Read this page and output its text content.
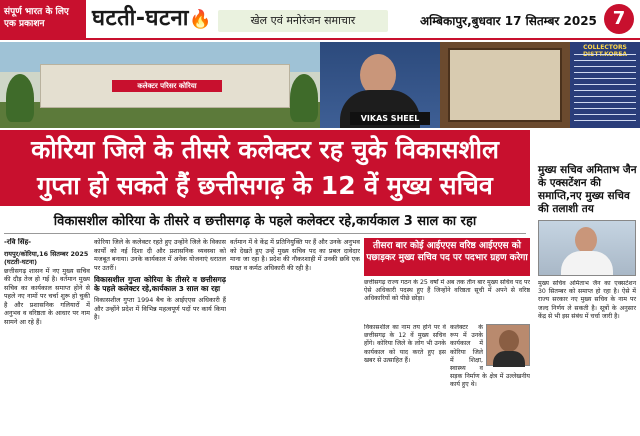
संपूर्ण भारत के लिए एक प्रकाशन	घटती-घटना🔥	खेल एवं मनोरंजन समाचार	अम्बिकापुर,बुधवार 17 सितम्बर 2025 7
कलेक्टर परिसर कोरिया
VIKAS SHEEL
COLLECTORS
कोरिया जिले के तीसरे कलेक्टर रह चुके विकासशील
गुप्ता हो सकते हैं छत्तीसगढ़ के 12 वें मुख्य सचिव
विकासशील कोरिया के तीसरे व छत्तीसगढ़ के पहले कलेक्टर रहे,कार्यकाल 3 साल का रहा
-रवि सिंह-
रायपुर/कोरिया,16 सितम्बर 2025
(घटती-घटना)
छत्तीसगढ़ शासन में नए मुख्य सचिव की दौड़ तेज हो गई है। वर्तमान मुख्य सचिव का कार्यकाल समाप्त होने से पहले नए नामों पर चर्चा शुरू हो चुकी है और प्रशासनिक गलियारों में अनुभव व वरिष्ठता के आधार पर नाम सामने आ रहे हैं।
कोरिया जिले के कलेक्टर रहते हुए उन्होंने जिले के विकास कार्यों को नई दिशा दी और प्रशासनिक व्यवस्था को मजबूत बनाया। उनके कार्यकाल में अनेक योजनाएं धरातल पर उतरीं।
विकासशील गुप्ता कोरिया के तीसरे व छत्तीसगढ़ के पहले कलेक्टर रहे,कार्यकाल 3 साल का रहा
विकासशील गुप्ता 1994 बैच के आईएएस अधिकारी हैं और उन्होंने प्रदेश में विभिन्न महत्वपूर्ण पदों पर कार्य किया है।
वर्तमान में वे केंद्र में प्रतिनियुक्ति पर हैं और उनके अनुभव को देखते हुए उन्हें मुख्य सचिव पद का प्रबल दावेदार माना जा रहा है। प्रदेश की नौकरशाही में उनकी छवि एक सख्त व कर्मठ अधिकारी की रही है।
तीसरा बार कोई आईएएस वरिष्ठ आईएएस को पछाड़कर मुख्य सचिव पद पर पदभार ग्रहण करेगा
छत्तीसगढ़ राज्य गठन के 25 वर्षों में अब तक तीन बार मुख्य सचिव पद पर ऐसे अधिकारी पदस्थ हुए हैं जिन्होंने वरिष्ठता सूची में अपने से वरिष्ठ अधिकारियों को पीछे छोड़ा।
विकासशील का नाम तय होने पर वे छत्तीसगढ़ के 12 वें मुख्य सचिव होंगे। कोरिया जिले के लोग भी उनके कार्यकाल को याद करते हुए इस खबर से उत्साहित हैं।
कलेक्टर के रूप में उनके कार्यकाल में कोरिया जिले में शिक्षा, स्वास्थ्य व सड़क निर्माण के क्षेत्र में उल्लेखनीय कार्य हुए थे।
मुख्य सचिव अमिताभ जैन के एक्सटेंशन की समाप्ति,नए मुख्य सचिव की तलाशी तय
मुख्य सचिव अमिताभ जैन का एक्सटेंशन 30 सितम्बर को समाप्त हो रहा है। ऐसे में राज्य सरकार नए मुख्य सचिव के नाम पर जल्द निर्णय ले सकती है। सूत्रों के अनुसार केंद्र से भी इस संबंध में चर्चा जारी है।
